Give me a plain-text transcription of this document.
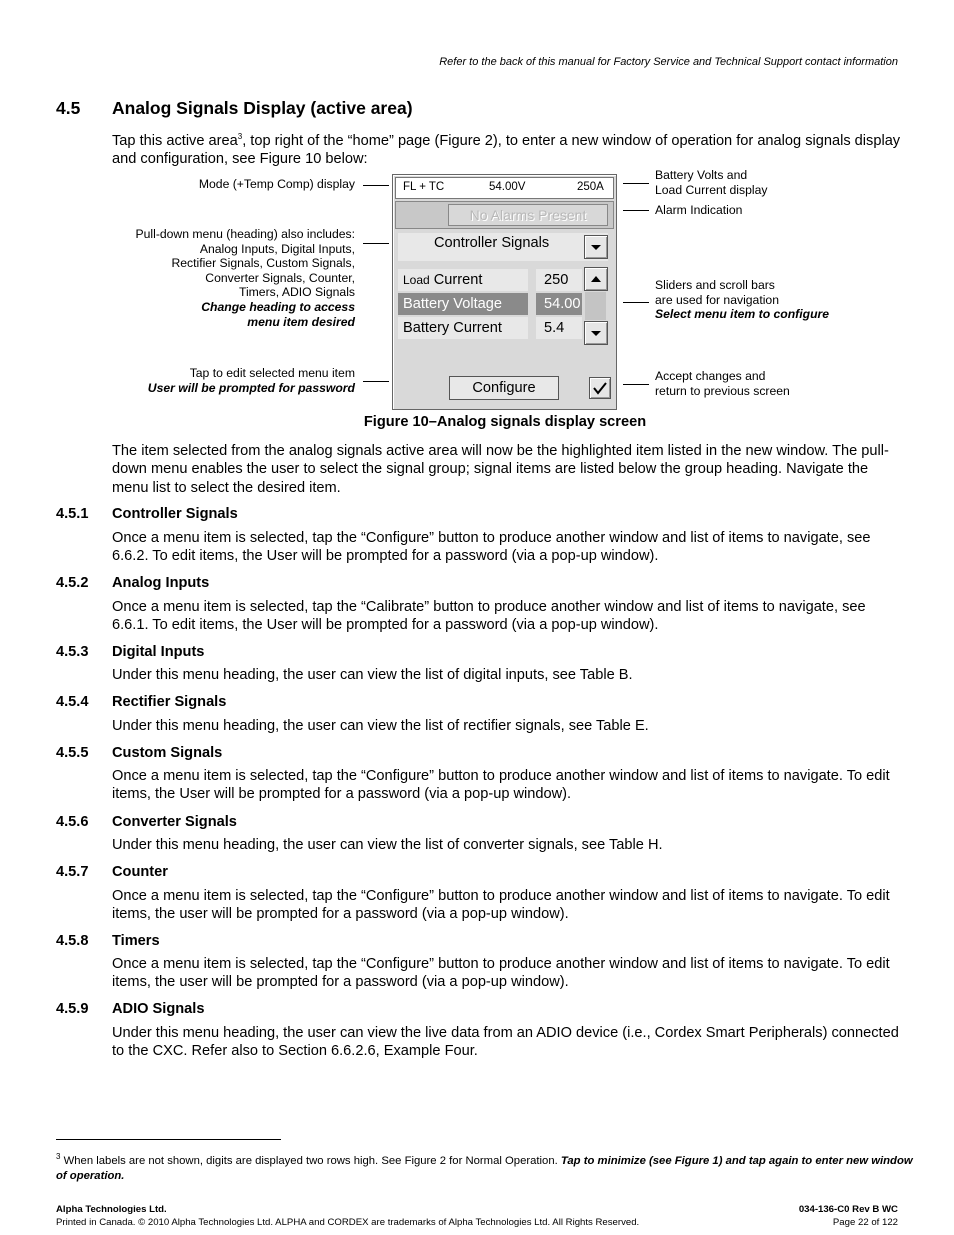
Refer to the back of this manual for Factory Service and Technical Support contact information
4.5 Analog Signals Display (active area)
Tap this active area$^3$, top right of the “home” page (Figure 2), to enter a new window of operation for analog signals display and configuration, see Figure 10 below:
Mode (+Temp Comp) display
Pull-down menu (heading) also includes:
Analog Inputs, Digital Inputs,
Rectifier Signals, Custom Signals,
Converter Signals, Counter,
Timers, ADIO Signals
Change heading to access
menu item desired
Tap to edit selected menu item
User will be prompted for password
Battery Volts and
Load Current display
Alarm Indication
Sliders and scroll bars
are used for navigation
Select menu item to configure
Accept changes and
return to previous screen
FL + TC	54.00V	250A
No Alarms Present
Controller Signals
Load Current	250
Battery Voltage	54.00
Battery Current	5.4
Configure
Figure 10–Analog signals display screen
The item selected from the analog signals active area will now be the highlighted item listed in the new window. The pull-down menu enables the user to select the signal group; signal items are listed below the group heading. Navigate the menu list to select the desired item.
4.5.1 Controller Signals
Once a menu item is selected, tap the “Configure” button to produce another window and list of items to navigate, see 6.6.2. To edit items, the User will be prompted for a password (via a pop-up window).
4.5.2 Analog Inputs
Once a menu item is selected, tap the “Calibrate” button to produce another window and list of items to navigate, see 6.6.1. To edit items, the User will be prompted for a password (via a pop-up window).
4.5.3 Digital Inputs
Under this menu heading, the user can view the list of digital inputs, see Table B.
4.5.4 Rectifier Signals
Under this menu heading, the user can view the list of rectifier signals, see Table E.
4.5.5 Custom Signals
Once a menu item is selected, tap the “Configure” button to produce another window and list of items to navigate. To edit items, the User will be prompted for a password (via a pop-up window).
4.5.6 Converter Signals
Under this menu heading, the user can view the list of converter signals, see Table H.
4.5.7 Counter
Once a menu item is selected, tap the “Configure” button to produce another window and list of items to navigate. To edit items, the user will be prompted for a password (via a pop-up window).
4.5.8 Timers
Once a menu item is selected, tap the “Configure” button to produce another window and list of items to navigate. To edit items, the user will be prompted for a password (via a pop-up window).
4.5.9 ADIO Signals
Under this menu heading, the user can view the live data from an ADIO device (i.e., Cordex Smart Peripherals) connected to the CXC. Refer also to Section 6.6.2.6, Example Four.
$^3$ When labels are not shown, digits are displayed two rows high. See Figure 2 for Normal Operation. Tap to minimize (see Figure 1) and tap again to enter new window of operation.
Alpha Technologies Ltd.
Printed in Canada. © 2010 Alpha Technologies Ltd. ALPHA and CORDEX are trademarks of Alpha Technologies Ltd. All Rights Reserved.
034-136-C0 Rev B WC
Page 22 of 122
